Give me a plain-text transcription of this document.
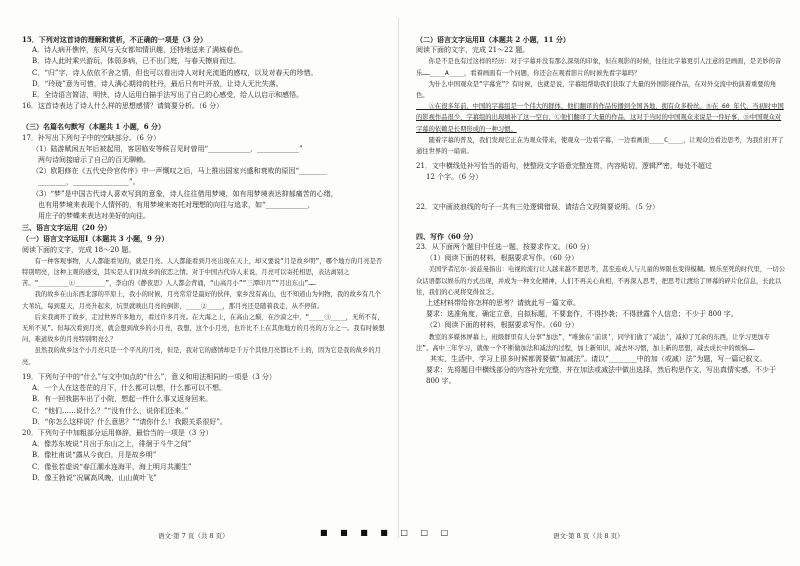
15．下列对这首诗的理解和赏析，不正确的一项是（3 分）

A．诗人病开憔悴，东风与天女都知情识趣，还特地送来了满城春色。

B．诗人此时乘兴游玩，体弱多病，已不出门庭，与春天擦肩而过。

C．“归”字，诗人依依不舍之情，但也可以看出诗人对时光流逝的感叹，以及对春天的珍惜。

D．“玲珑”意为可惜，诗人满心期待的杜丹，最后只有叶开放，让诗人无比失落。

E．全诗语言简洁，明快，诗人运用白描手法写出了自己的心感受，给人以启示和感悟。

16．这首诗表达了诗人什么样的思想感情？请简要分析。（6 分）

（三）名篇名句默写（本题共 1 小题，6 分）

17．补写出下列句子中的空缺部分。（6 分）

（1）陆游赋闲五年后被起用，客居临安等候召见时曾用“____________，____________”

两句诗间接暗示了自己的百无聊赖。

（2）欧阳修在《五代史伶官传序》中一声慨叹之后，马上推出国家兴盛和衰败的原因“________

________，________________”。

（3）“梦”是中国古代诗人喜欢写到的意象，诗人往往借用梦境，如有用梦境表达抑郁痛苦的心绪，

也有用梦境来表现个人情怀的，有用梦境来寄托对理想的向往与追求，如“____________，

用庄子的梦蝶来表达对美好的向往。

三、语言文字运用（20 分）

（一）语言文字运用Ⅰ（本题共 3 小题，9 分）

阅读下面的文字，完成 18～20 题。

　　有一种客观事物，人人都能看见的，就是月亮。人人都能看到月亮出现在天上，却又要说“月是故乡明”，哪个地方的月亮是否特别明亮，这种主观的感受，其实是人们对故乡的依恋之情。对于中国古代诗人来说，月亮可以寄托相思，表达离别之苦。“________①________”，李白的《静夜思》人人都会背诵，“山高月小”“三潭印月”“月出东山”……

　　我的故乡在山东西北部的平原上，我小的时候，月亮常常是最好的伙伴，家乡没有高山，也不知道山为何物，我的故乡有几个大苇坑，每到夏天，月亮升起来，坑里就映出月亮的倒影，____②____，那月亮还是随着我走，从不停留。

　　后来我离开了故乡，走过世界许多地方，看过许多月亮。在大海之上，在高山之巅，在沙漠之中，“____③____，无所不有，无所不见”。但每次看到月亮，就会想到故乡的小月亮，我想，这个小月亮，也许比不上在其他地方的月亮的万分之一。我有时候想问，难道故乡的月亮特别明亮么？

　　虽然我的故乡这个小月亮只是一个平凡的月亮，但是，我对它的感情却是千万个其他月亮都比不上的，因为它是我的故乡的月亮。

19．下列句子中的“什么”与文中加点的“什么”，意义和用法相同的一项是（3 分）

A．一个人在这苍茫的月下，什么都可以想，什么都可以不想。

B．有一回我据车出了小院，想起一件什么事又返身回来。

C．“他们……说什么？”“没有什么，说你们还来。”

D．“你怎么这样说？什么意思？”“请你什么！我跟关系很好”。

20．下列句子中加粗部分运用修辞，最恰当的一项是（3 分）

A．像苏东坡说“月出于东山之上，徘徊于斗牛之间”

B．像杜甫说“露从今夜白，月是故乡明”

C．像张若虚说“春江潮水连海平，海上明月共潮生”

D．像王勃说“况属高风晚，山山黄叶飞”

（二）语言文字运用Ⅱ（本题共 2 小题，11 分）

阅读下面的文字，完成 21～22 题。

　　你是不是也有过这样的经历：对于字幕并没有那么深刻的印象，但在观影的时候，往往比字幕更引人注意的是画面，是美妙的音乐……____A____，看着画面有一个问题，你还会在观看影片的时候先看字幕吗？

　　为什么中国观众是“字幕党”？有时候，也就是说，字幕组帮助我们获取了大量的外国影视作品，在对外交流中扮演着重要的角色。

　　Ⓐ在很多年前，中国的字幕组是一个伟大的群体，他们翻译的作品传播到全国各地，拥有众多粉丝。Ⓑ在 60 年代，当初时中国的影视作品很少，字幕组的出现填补了这一空白，Ⓒ他们翻译了大量的作品，这对于当时的中国观众来说是一件好事，Ⓓ中国观众对字幕的依赖是长期形成的一种习惯。

　　随着字幕的普及，我们发现它正在为观众带来，使观众一边看字幕，一边看画面____C____，让观众边看边思考，为我们打开了通往世界的一扇窗。

21．文中横线处补写恰当的语句，使整段文字语意完整连贯，内容贴切，逻辑严密，每处不超过

12 个字。（6 分）

22．文中画波浪线的句子一共有三处逻辑错误，请结合文段简要说明。（5 分）

四、写作（60 分）

23．从下面两个题目中任选一题，按要求作文。（60 分）

（1）阅读下面的材料，根据要求写作。（60 分）

　　美国学者尼尔·波兹曼指出：电视的流行让人越来越不愿思考，甚至连成人与儿童的界限也变得模糊。娱乐至死的时代里，一切公众话语都以娱乐的方式出现，并成为一种文化精神，人们不再关心真相，不再深入思考，把思考让渡给了屏幕的碎片化信息，长此以往，我们的心灵将变得贫乏。

上述材料带给你怎样的思考？请就此写一篇文章。

要求：选准角度，确定立意，自拟标题，不要套作，不得抄袭；不得泄露个人信息；不少于 800 字。

（2）阅读下面的材料，根据要求写作。（60 分）

　　教室的多媒体屏幕上，班级群里有人分享“加法”，“唯独在‘前读’，同学们做了‘减法’，减掉了冗余的东西，让学习更加专注”。高中三年学习，就像一个不断做加法和减法的过程，加上新知识，减去坏习惯，加上新的思想，减去成长中的烦恼……

　　其实，生活中，学习上很多时候都需要做“加减法”。请以“________中的加（或减）法”为题，写一篇记叙文。

要求：先将题目中横线部分的内容补充完整，并在加法或减法中做出选择，然后构思作文，写出真情实感，不少于 800 字。

语文·第 7 页（共 8 页）	■ ■ ■ ■ □ □ □	语文·第 8 页（共 8 页）
